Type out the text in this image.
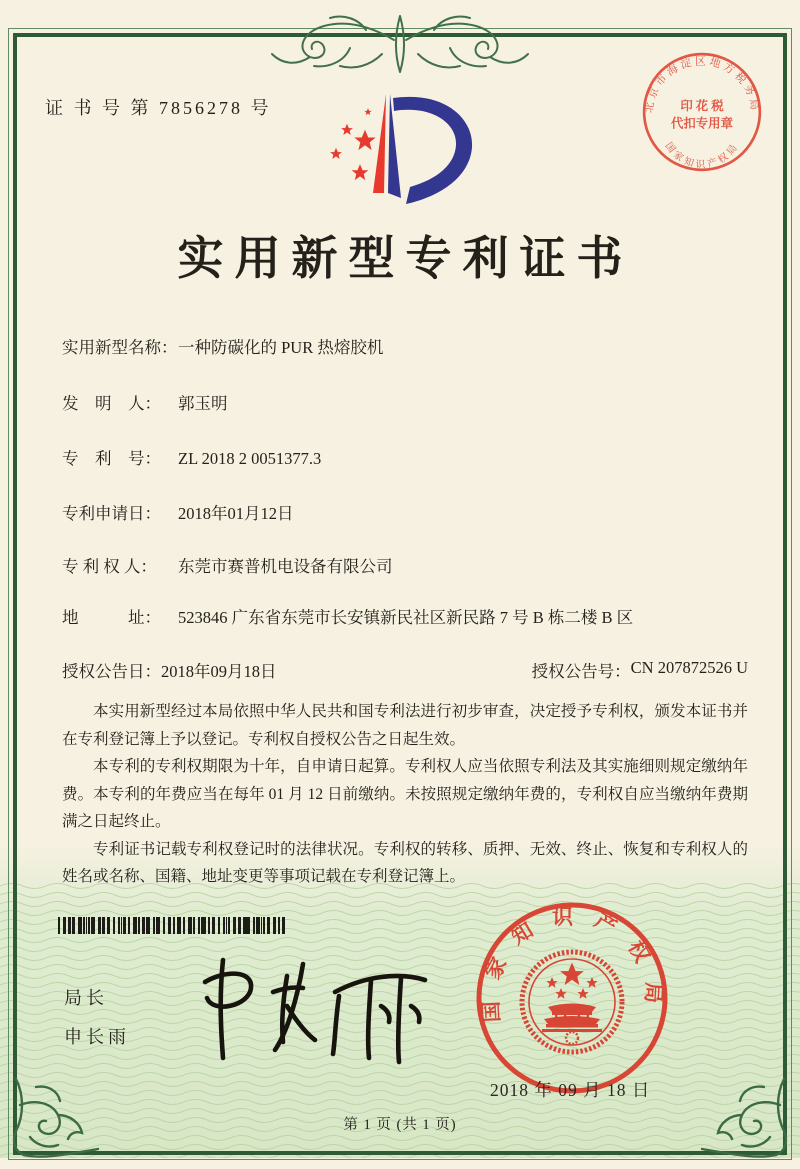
证 书 号 第 7856278 号	北京市海淀区地方税务局
国家知识产权局
印 花 税
代扣专用章
实用新型专利证书
实用新型名称： 一种防碳化的 PUR 热熔胶机
发　明　人：	郭玉明
专　利　号：	ZL 2018 2 0051377.3
专利申请日：	2018年01月12日
专 利 权 人：	东莞市赛普机电设备有限公司
地　　　址：	523846 广东省东莞市长安镇新民社区新民路 7 号 B 栋二楼 B 区
授权公告日： 2018年09月18日	授权公告号： CN 207872526 U

本实用新型经过本局依照中华人民共和国专利法进行初步审查，决定授予专利权，颁发本证书并在专利登记簿上予以登记。专利权自授权公告之日起生效。

本专利的专利权期限为十年，自申请日起算。专利权人应当依照专利法及其实施细则规定缴纳年费。本专利的年费应当在每年 01 月 12 日前缴纳。未按照规定缴纳年费的，专利权自应当缴纳年费期满之日起终止。

专利证书记载专利权登记时的法律状况。专利权的转移、质押、无效、终止、恢复和专利权人的姓名或名称、国籍、地址变更等事项记载在专利登记簿上。

局长
申长雨
国家知识产权局
2018 年 09 月 18 日
第 1 页 (共 1 页)
